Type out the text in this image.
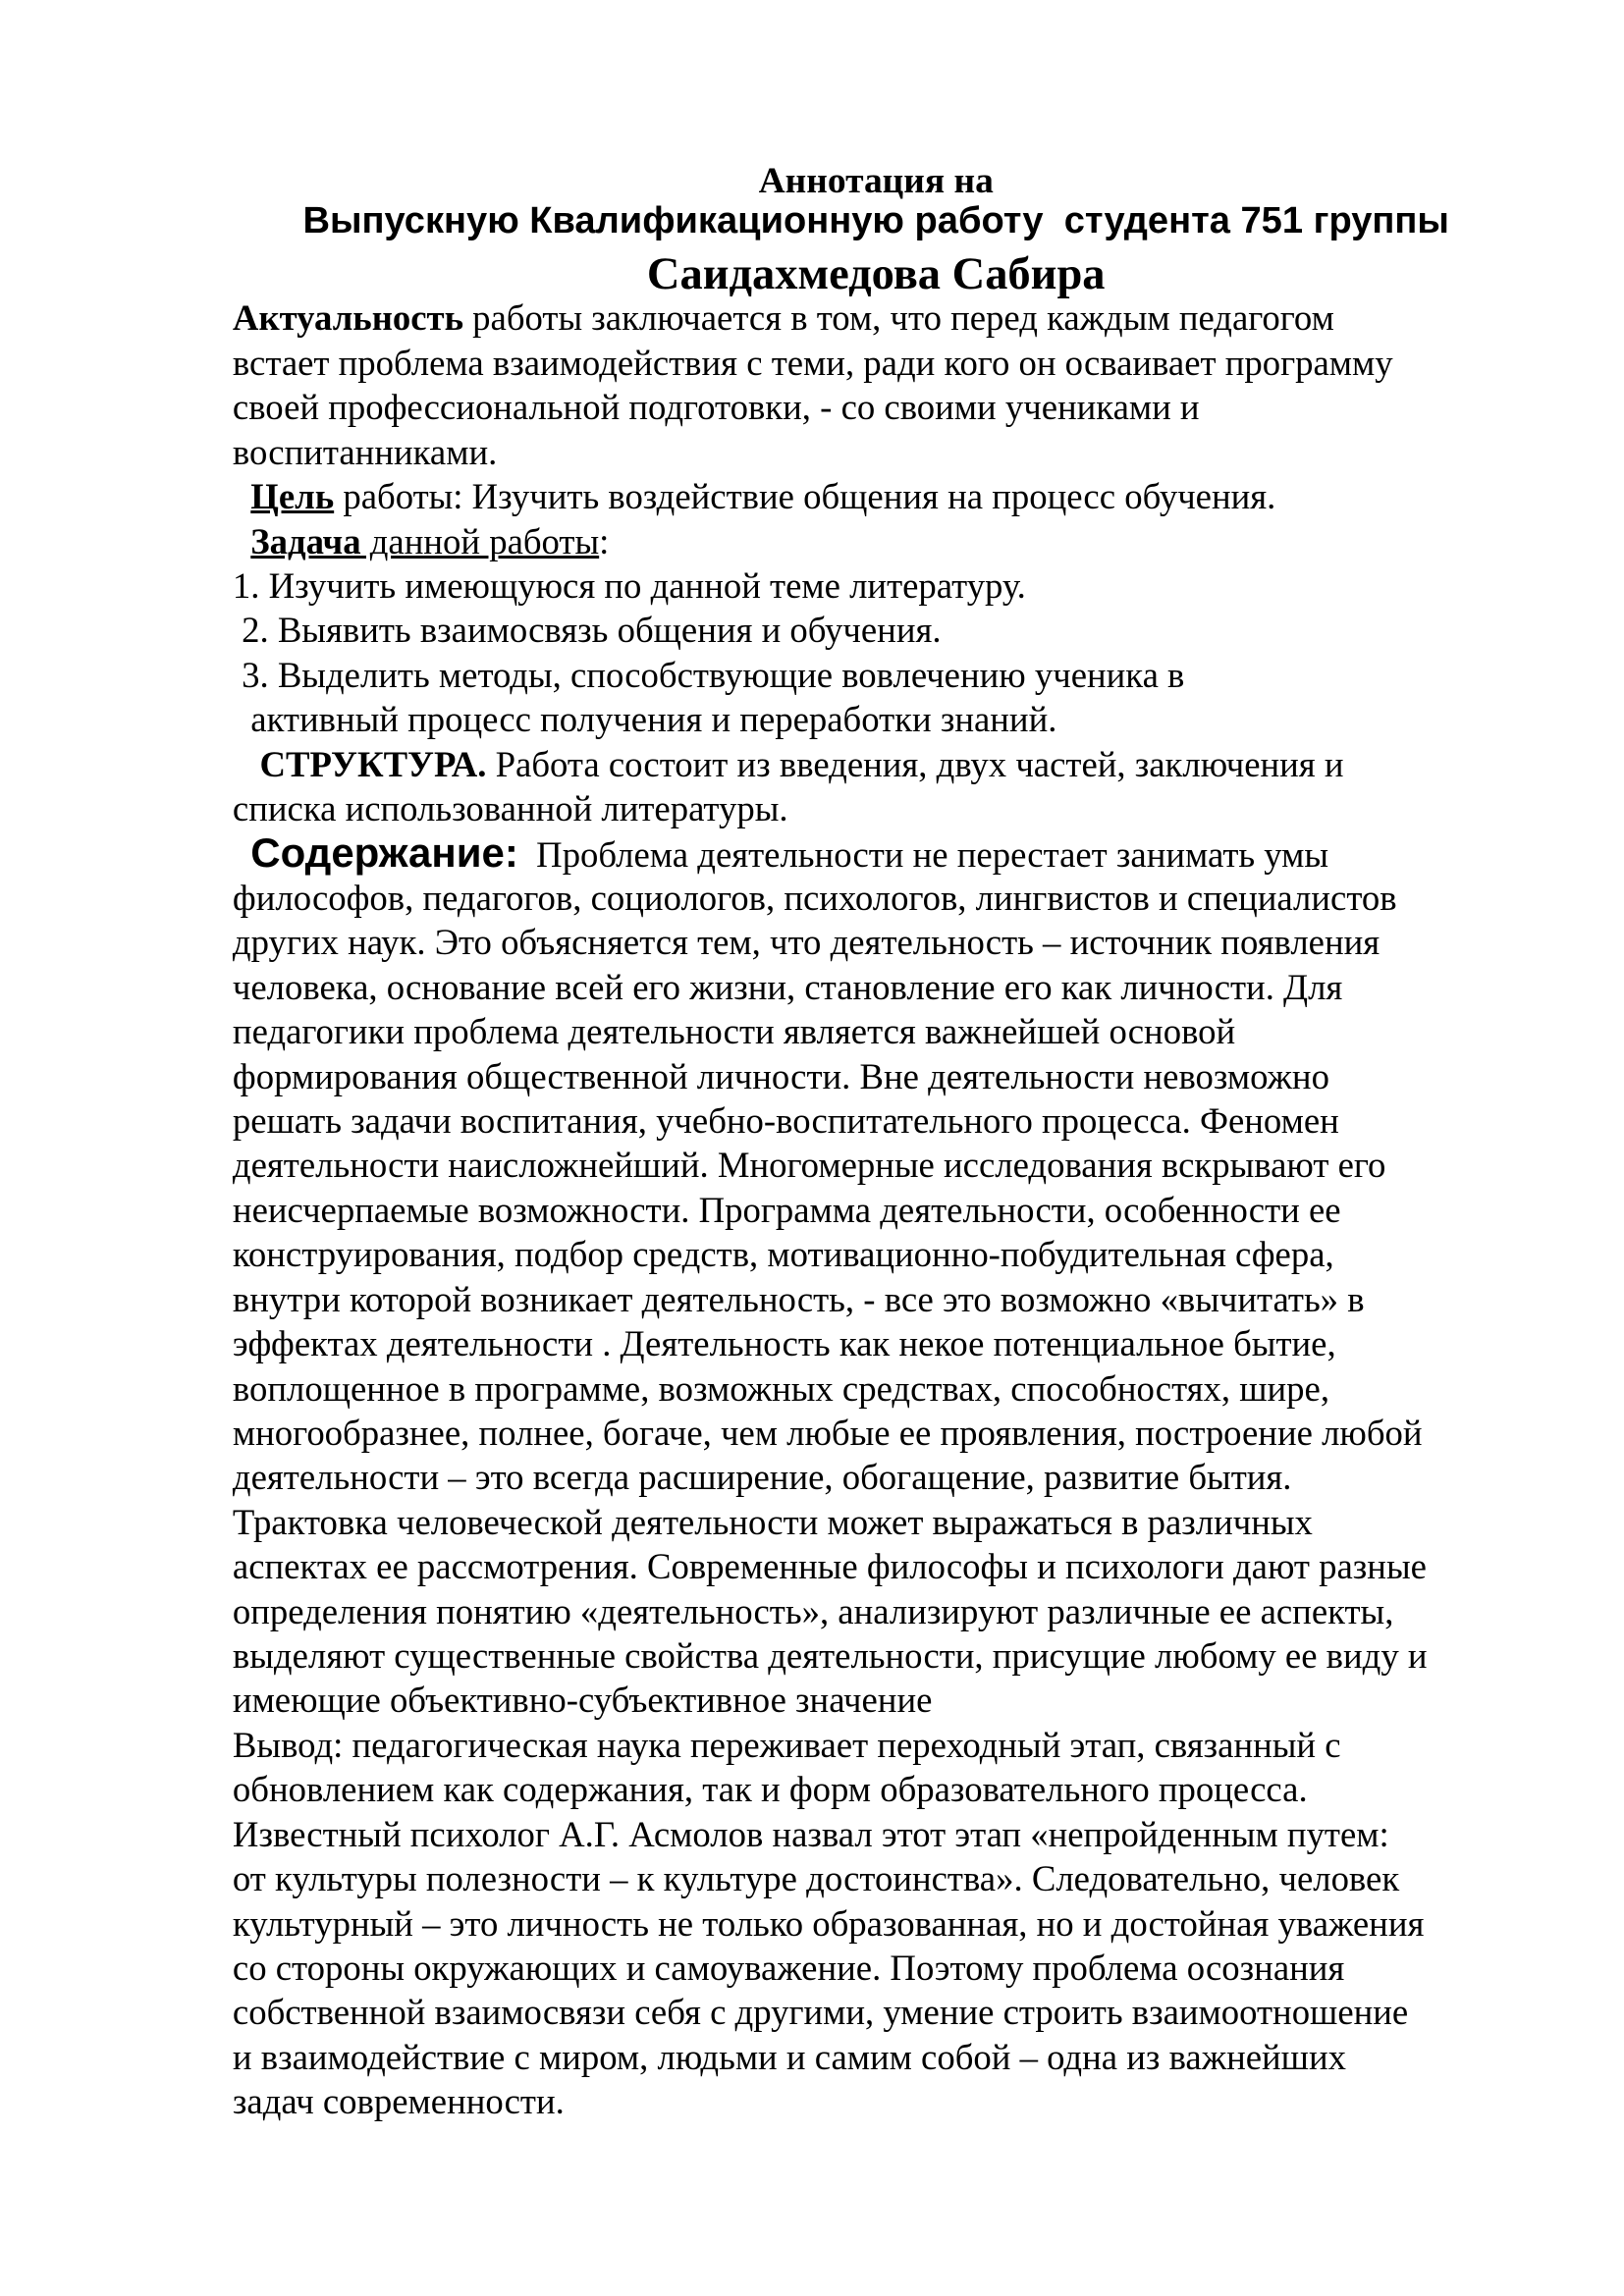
Аннотация на
Выпускную Квалификационную работу  студента 751 группы
Саидахмедова Сабира
Актуальность работы заключается в том, что перед каждым педагогом
встает проблема взаимодействия с теми, ради кого он осваивает программу
своей профессиональной подготовки, - со своими учениками и
воспитанниками.
Цель работы: Изучить воздействие общения на процесс обучения.
Задача данной работы:
1. Изучить имеющуюся по данной теме литературу.
2. Выявить взаимосвязь общения и обучения.
3. Выделить методы, способствующие вовлечению ученика в
активный процесс получения и переработки знаний.
СТРУКТУРА. Работа состоит из введения, двух частей, заключения и
списка использованной литературы.
Содержание:  Проблема деятельности не перестает занимать умы
философов, педагогов, социологов, психологов, лингвистов и специалистов
других наук. Это объясняется тем, что деятельность – источник появления
человека, основание всей его жизни, становление его как личности. Для
педагогики проблема деятельности является важнейшей основой
формирования общественной личности. Вне деятельности невозможно
решать задачи воспитания, учебно-воспитательного процесса. Феномен
деятельности наисложнейший. Многомерные исследования вскрывают его
неисчерпаемые возможности. Программа деятельности, особенности ее
конструирования, подбор средств, мотивационно-побудительная сфера,
внутри которой возникает деятельность, - все это возможно «вычитать» в
эффектах деятельности . Деятельность как некое потенциальное бытие,
воплощенное в программе, возможных средствах, способностях, шире,
многообразнее, полнее, богаче, чем любые ее проявления, построение любой
деятельности – это всегда расширение, обогащение, развитие бытия.
Трактовка человеческой деятельности может выражаться в различных
аспектах ее рассмотрения. Современные философы и психологи дают разные
определения понятию «деятельность», анализируют различные ее аспекты,
выделяют существенные свойства деятельности, присущие любому ее виду и
имеющие объективно-субъективное значение
Вывод: педагогическая наука переживает переходный этап, связанный с
обновлением как содержания, так и форм образовательного процесса.
Известный психолог А.Г. Асмолов назвал этот этап «непройденным путем:
от культуры полезности – к культуре достоинства». Следовательно, человек
культурный – это личность не только образованная, но и достойная уважения
со стороны окружающих и самоуважение. Поэтому проблема осознания
собственной взаимосвязи себя с другими, умение строить взаимоотношение
и взаимодействие с миром, людьми и самим собой – одна из важнейших
задач современности.
